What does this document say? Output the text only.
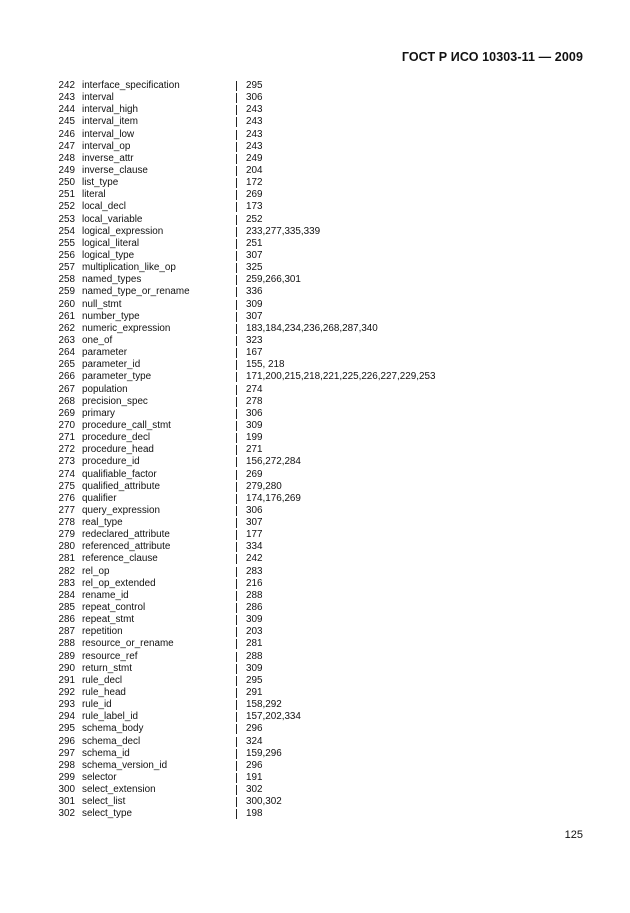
ГОСТ Р ИСО 10303-11 — 2009
242 interface_specification	295
243 interval	306
244 interval_high	243
245 interval_item	243
246 interval_low	243
247 interval_op	243
248 inverse_attr	249
249 inverse_clause	204
250 list_type	172
251 literal	269
252 local_decl	173
253 local_variable	252
254 logical_expression	233,277,335,339
255 logical_literal	251
256 logical_type	307
257 multiplication_like_op	325
258 named_types	259,266,301
259 named_type_or_rename	336
260 null_stmt	309
261 number_type	307
262 numeric_expression	183,184,234,236,268,287,340
263 one_of	323
264 parameter	167
265 parameter_id	155, 218
266 parameter_type	171,200,215,218,221,225,226,227,229,253
267 population	274
268 precision_spec	278
269 primary	306
270 procedure_call_stmt	309
271 procedure_decl	199
272 procedure_head	271
273 procedure_id	156,272,284
274 qualifiable_factor	269
275 qualified_attribute	279,280
276 qualifier	174,176,269
277 query_expression	306
278 real_type	307
279 redeclared_attribute	177
280 referenced_attribute	334
281 reference_clause	242
282 rel_op	283
283 rel_op_extended	216
284 rename_id	288
285 repeat_control	286
286 repeat_stmt	309
287 repetition	203
288 resource_or_rename	281
289 resource_ref	288
290 return_stmt	309
291 rule_decl	295
292 rule_head	291
293 rule_id	158,292
294 rule_label_id	157,202,334
295 schema_body	296
296 schema_decl	324
297 schema_id	159,296
298 schema_version_id	296
299 selector	191
300 select_extension	302
301 select_list	300,302
302 select_type	198
125
